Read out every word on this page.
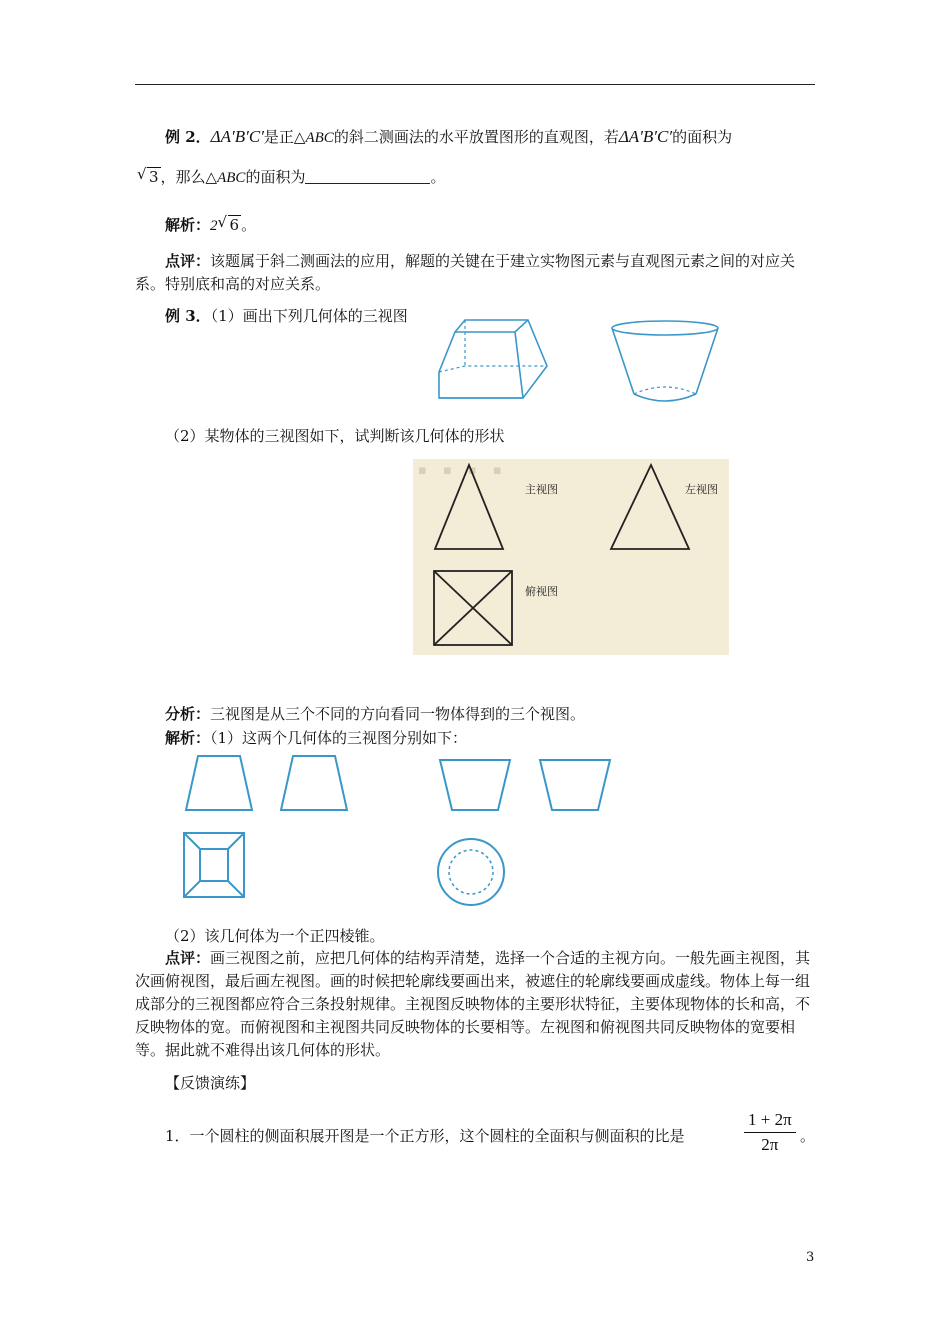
例 2．ΔA′B′C′是正△ABC的斜二测画法的水平放置图形的直观图，若ΔA′B′C′的面积为
√ 3 ，那么△ABC的面积为	。
解析：2 √ 6 。
点评：该题属于斜二测画法的应用，解题的关键在于建立实物图元素与直观图元素之间的对应关系。特别底和高的对应关系。
例 3．（1）画出下列几何体的三视图
（2）某物体的三视图如下，试判断该几何体的形状
▪ ▪ ▪ ▪
主视图	左视图
俯视图
分析：三视图是从三个不同的方向看同一物体得到的三个视图。
解析：（1）这两个几何体的三视图分别如下：
（2）该几何体为一个正四棱锥。
点评：画三视图之前，应把几何体的结构弄清楚，选择一个合适的主视方向。一般先画主视图，其次画俯视图，最后画左视图。画的时候把轮廓线要画出来，被遮住的轮廓线要画成虚线。物体上每一组成部分的三视图都应符合三条投射规律。主视图反映物体的主要形状特征，主要体现物体的长和高，不反映物体的宽。而俯视图和主视图共同反映物体的长要相等。左视图和俯视图共同反映物体的宽要相等。据此就不难得出该几何体的形状。
【反馈演练】
1．一个圆柱的侧面积展开图是一个正方形，这个圆柱的全面积与侧面积的比是	$\frac{1 + 2\pi}{2\pi}$ 。
3
